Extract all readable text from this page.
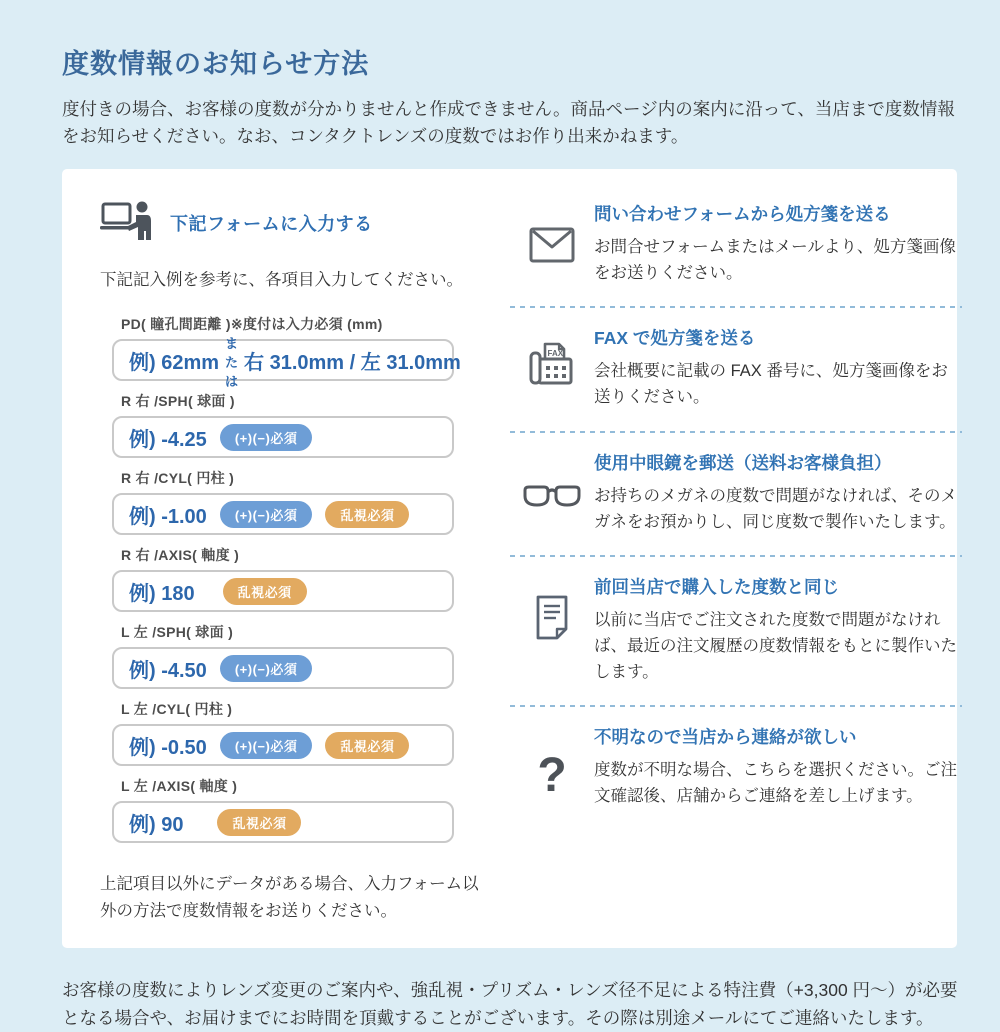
度数情報のお知らせ方法

度付きの場合、お客様の度数が分かりませんと作成できません。商品ページ内の案内に沿って、当店まで度数情報をお知らせください。なお、コンタクトレンズの度数ではお作り出来かねます。

下記フォームに入力する

下記記入例を参考に、各項目入力してください。

PD( 瞳孔間距離 )※度付は入力必須 (mm)
例) 62mm
または
右 31.0mm / 左 31.0mm
R 右 /SPH( 球面 )
例) -4.25	(+)(−)必須
R 右 /CYL( 円柱 )
例) -1.00	(+)(−)必須	乱視必須
R 右 /AXIS( 軸度 )
例) 180	乱視必須
L 左 /SPH( 球面 )
例) -4.50	(+)(−)必須
L 左 /CYL( 円柱 )
例) -0.50	(+)(−)必須	乱視必須
L 左 /AXIS( 軸度 )
例) 90	乱視必須

上記項目以外にデータがある場合、入力フォーム以外の方法で度数情報をお送りください。

問い合わせフォームから処方箋を送る
お問合せフォームまたはメールより、処方箋画像をお送りください。
FAX
FAX で処方箋を送る
会社概要に記載の FAX 番号に、処方箋画像をお送りください。
使用中眼鏡を郵送（送料お客様負担）
お持ちのメガネの度数で問題がなければ、そのメガネをお預かりし、同じ度数で製作いたします。
前回当店で購入した度数と同じ
以前に当店でご注文された度数で問題がなければ、最近の注文履歴の度数情報をもとに製作いたします。
?
不明なので当店から連絡が欲しい
度数が不明な場合、こちらを選択ください。ご注文確認後、店舗からご連絡を差し上げます。

お客様の度数によりレンズ変更のご案内や、強乱視・プリズム・レンズ径不足による特注費（+3,300 円〜）が必要となる場合や、お届けまでにお時間を頂戴することがございます。その際は別途メールにてご連絡いたします。
